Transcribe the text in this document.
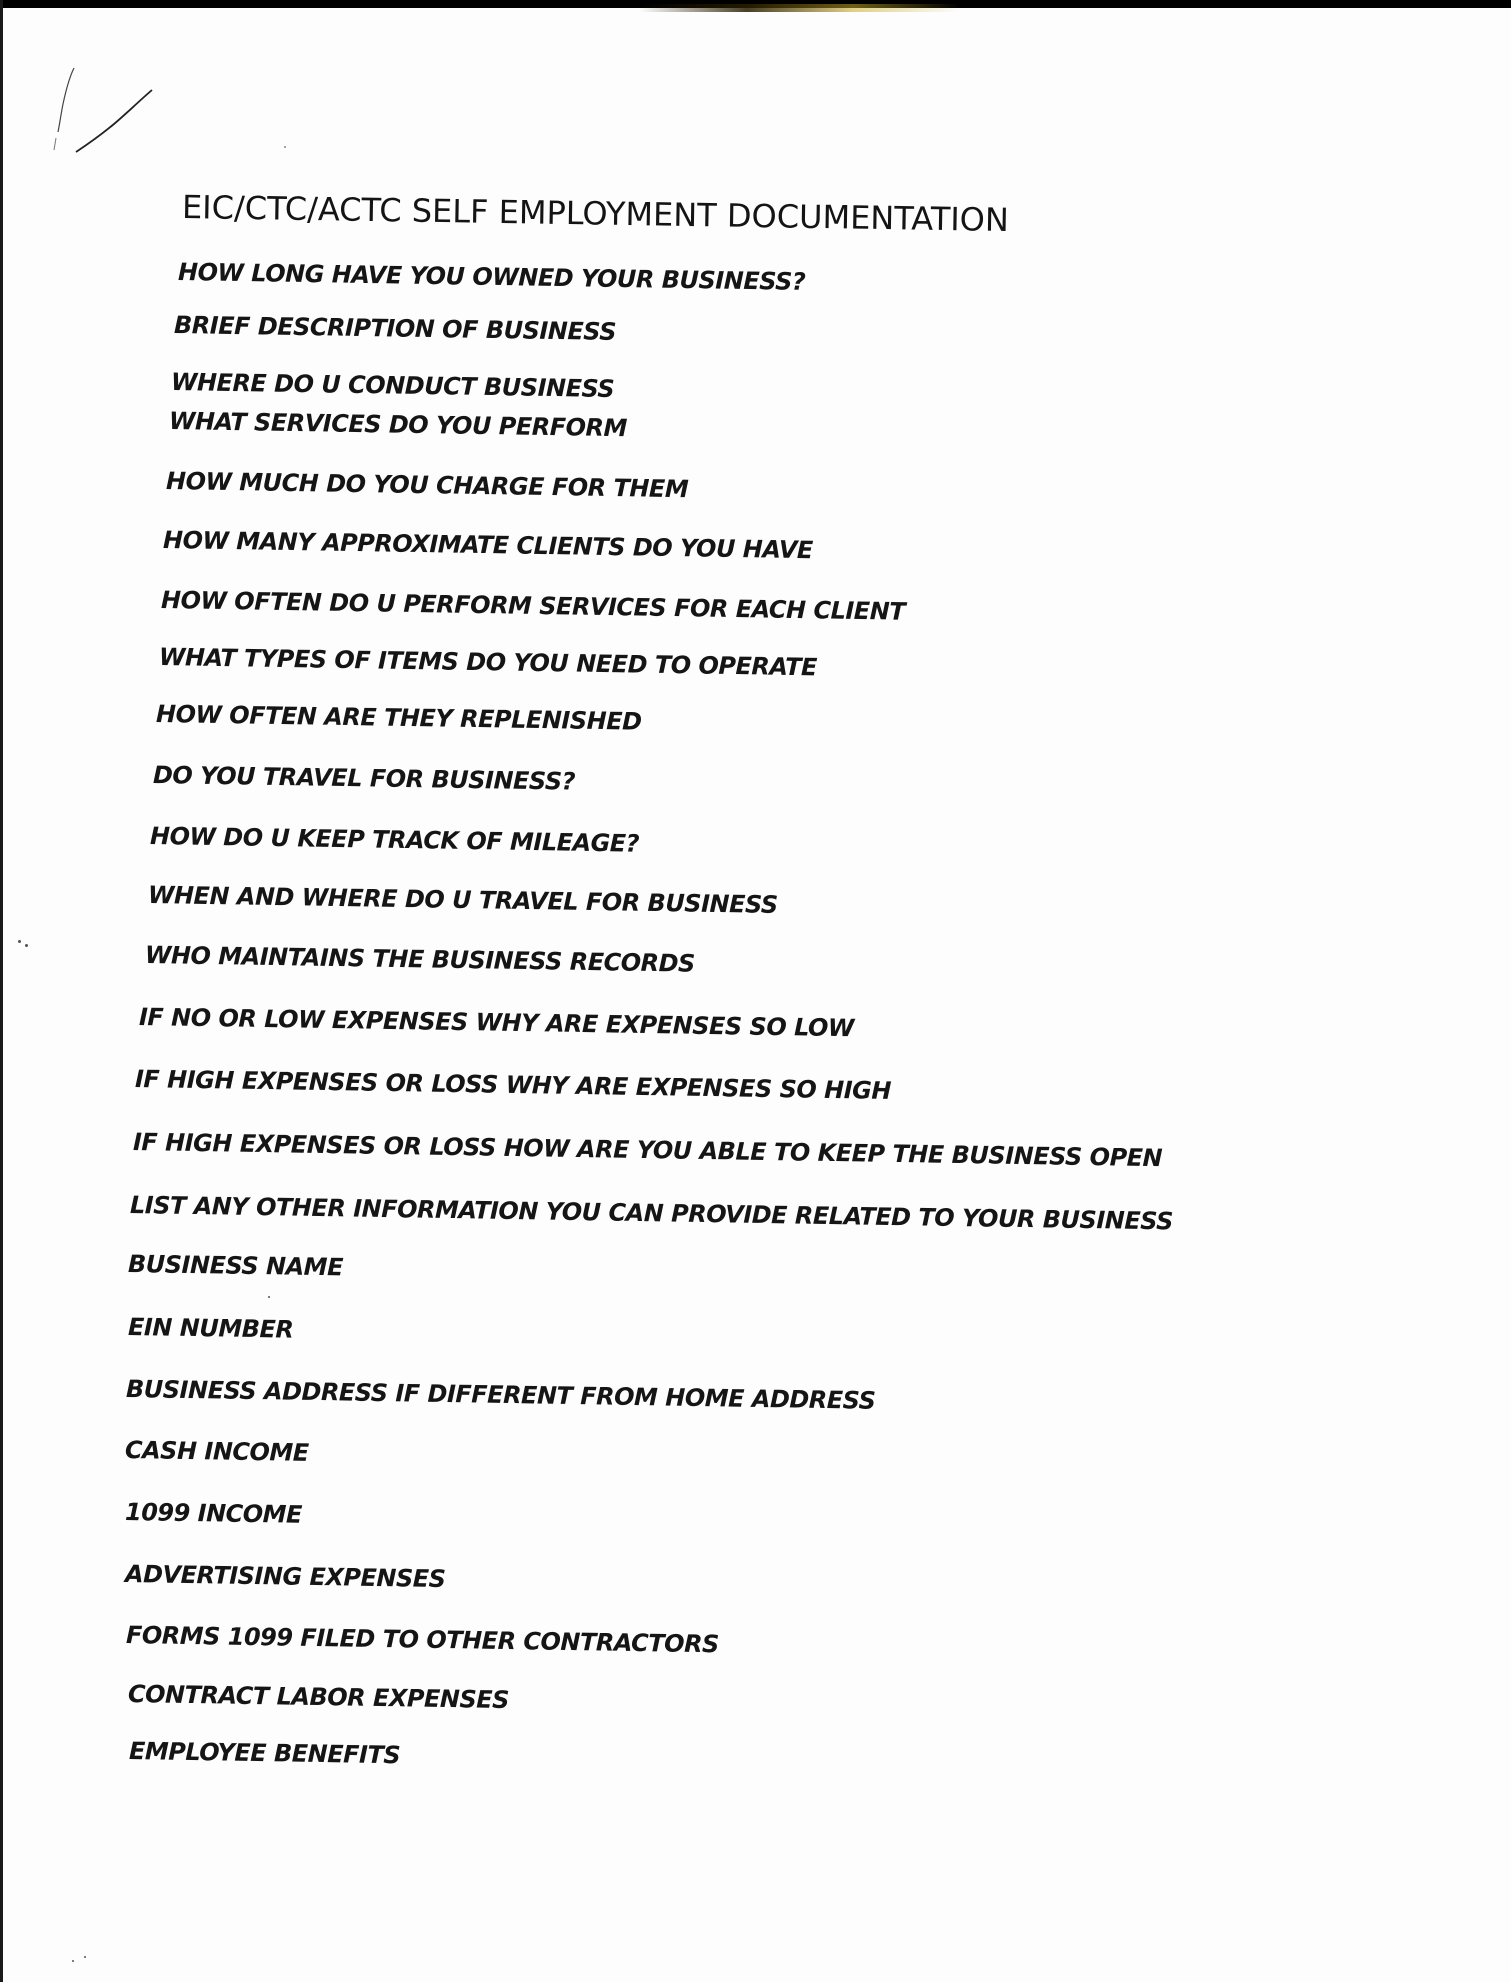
EIC/CTC/ACTC SELF EMPLOYMENT DOCUMENTATION
HOW LONG HAVE YOU OWNED YOUR BUSINESS?
BRIEF DESCRIPTION OF BUSINESS
WHERE DO U CONDUCT BUSINESS
WHAT SERVICES DO YOU PERFORM
HOW MUCH DO YOU CHARGE FOR THEM
HOW MANY APPROXIMATE CLIENTS DO YOU HAVE
HOW OFTEN DO U PERFORM SERVICES FOR EACH CLIENT
WHAT TYPES OF ITEMS DO YOU NEED TO OPERATE
HOW OFTEN ARE THEY REPLENISHED
DO YOU TRAVEL FOR BUSINESS?
HOW DO U KEEP TRACK OF MILEAGE?
WHEN AND WHERE DO U TRAVEL FOR BUSINESS
WHO MAINTAINS THE BUSINESS RECORDS
IF NO OR LOW EXPENSES WHY ARE EXPENSES SO LOW
IF HIGH EXPENSES OR LOSS WHY ARE EXPENSES SO HIGH
IF HIGH EXPENSES OR LOSS HOW ARE YOU ABLE TO KEEP THE BUSINESS OPEN
LIST ANY OTHER INFORMATION YOU CAN PROVIDE RELATED TO YOUR BUSINESS
BUSINESS NAME
EIN NUMBER
BUSINESS ADDRESS IF DIFFERENT FROM HOME ADDRESS
CASH INCOME
1099 INCOME
ADVERTISING EXPENSES
FORMS 1099 FILED TO OTHER CONTRACTORS
CONTRACT LABOR EXPENSES
EMPLOYEE BENEFITS
